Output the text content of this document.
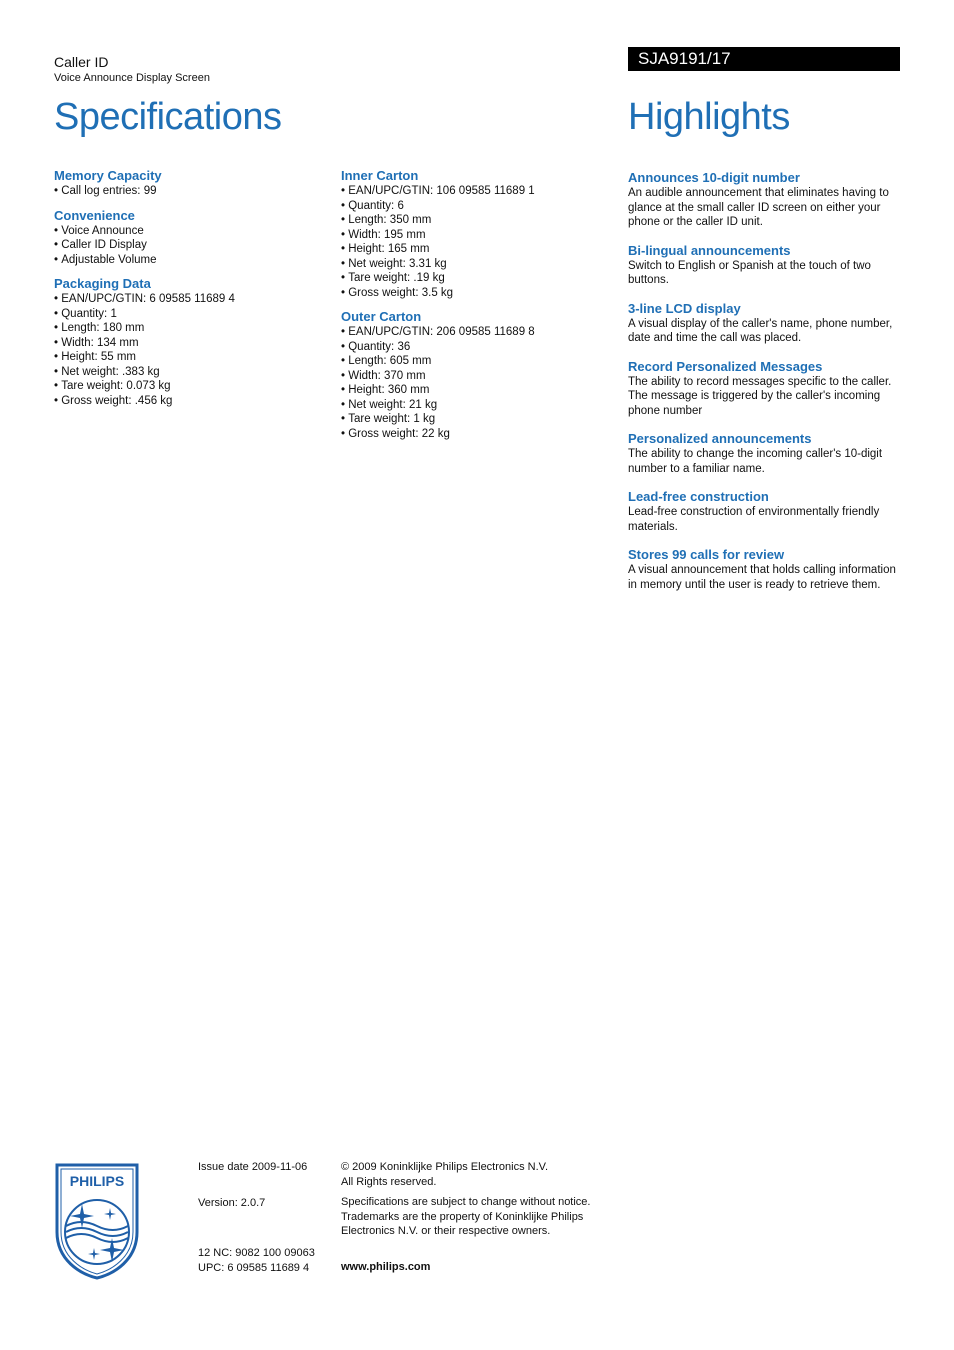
Caller ID
Voice Announce Display Screen
SJA9191/17
Specifications	Highlights
Memory Capacity
• Call log entries: 99
Convenience
• Voice Announce
• Caller ID Display
• Adjustable Volume
Packaging Data
• EAN/UPC/GTIN: 6 09585 11689 4
• Quantity: 1
• Length: 180 mm
• Width: 134 mm
• Height: 55 mm
• Net weight: .383 kg
• Tare weight: 0.073 kg
• Gross weight: .456 kg
Inner Carton
• EAN/UPC/GTIN: 106 09585 11689 1
• Quantity: 6
• Length: 350 mm
• Width: 195 mm
• Height: 165 mm
• Net weight: 3.31 kg
• Tare weight: .19 kg
• Gross weight: 3.5 kg
Outer Carton
• EAN/UPC/GTIN: 206 09585 11689 8
• Quantity: 36
• Length: 605 mm
• Width: 370 mm
• Height: 360 mm
• Net weight: 21 kg
• Tare weight: 1 kg
• Gross weight: 22 kg
Announces 10-digit number

An audible announcement that eliminates having to glance at the small caller ID screen on either your phone or the caller ID unit.

Bi-lingual announcements

Switch to English or Spanish at the touch of two buttons.

3-line LCD display

A visual display of the caller's name, phone number, date and time the call was placed.

Record Personalized Messages

The ability to record messages specific to the caller. The message is triggered by the caller's incoming phone number

Personalized announcements

The ability to change the incoming caller's 10-digit number to a familiar name.

Lead-free construction

Lead-free construction of environmentally friendly materials.

Stores 99 calls for review

A visual announcement that holds calling information in memory until the user is ready to retrieve them.

PHILIPS

Issue date 2009-11-06

Version: 2.0.7

12 NC: 9082 100 09063

UPC: 6 09585 11689 4

© 2009 Koninklijke Philips Electronics N.V.

All Rights reserved.

Specifications are subject to change without notice. Trademarks are the property of Koninklijke Philips Electronics N.V. or their respective owners.

www.philips.com
